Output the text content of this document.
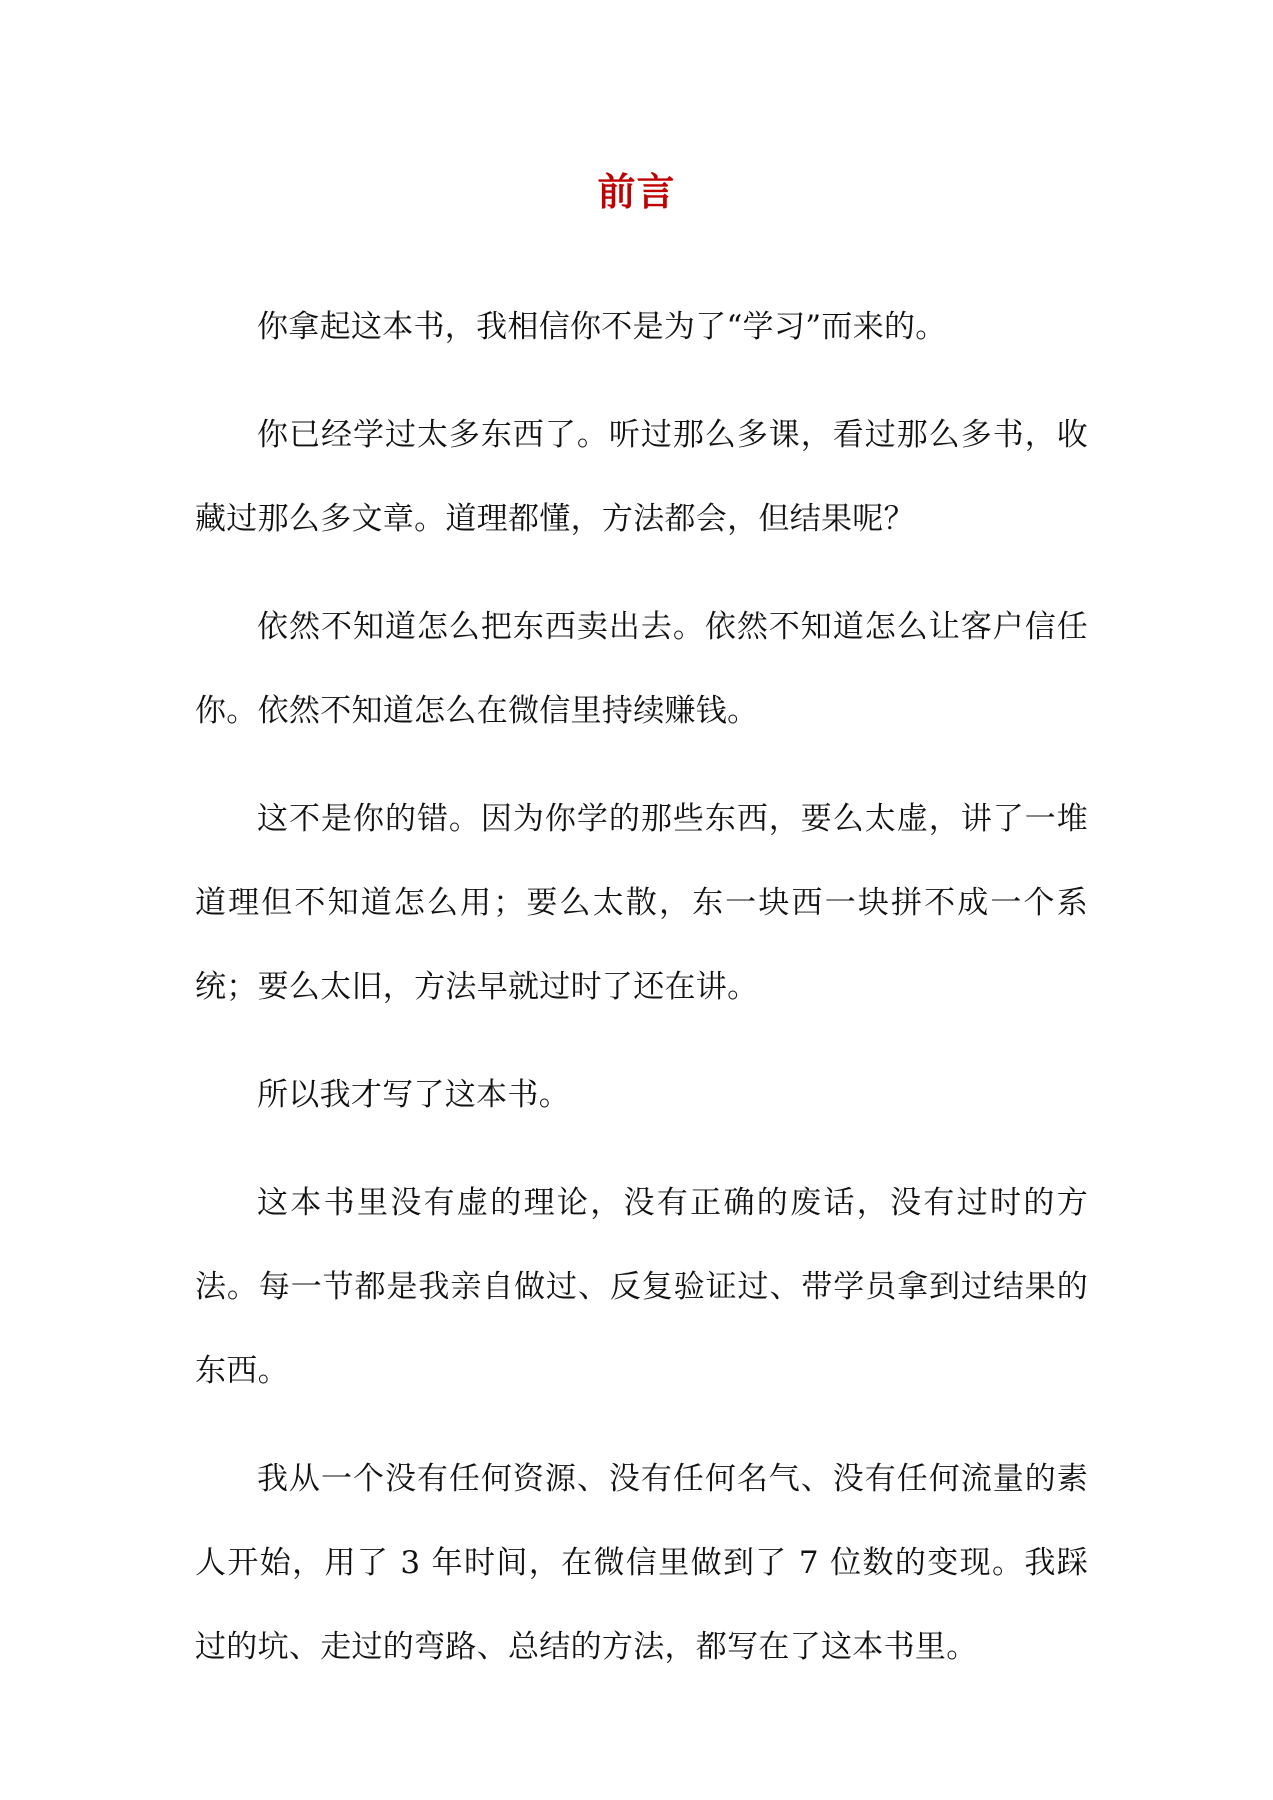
前言

你拿起这本书，我相信你不是为了“学习”而来的。

你已经学过太多东西了。听过那么多课，看过那么多书，收藏过那么多文章。道理都懂，方法都会，但结果呢？

依然不知道怎么把东西卖出去。依然不知道怎么让客户信任你。依然不知道怎么在微信里持续赚钱。

这不是你的错。因为你学的那些东西，要么太虚，讲了一堆道理但不知道怎么用；要么太散，东一块西一块拼不成一个系统；要么太旧，方法早就过时了还在讲。

所以我才写了这本书。

这本书里没有虚的理论，没有正确的废话，没有过时的方法。每一节都是我亲自做过、反复验证过、带学员拿到过结果的东西。

我从一个没有任何资源、没有任何名气、没有任何流量的素人开始，用了 3 年时间，在微信里做到了 7 位数的变现。我踩过的坑、走过的弯路、总结的方法，都写在了这本书里。
